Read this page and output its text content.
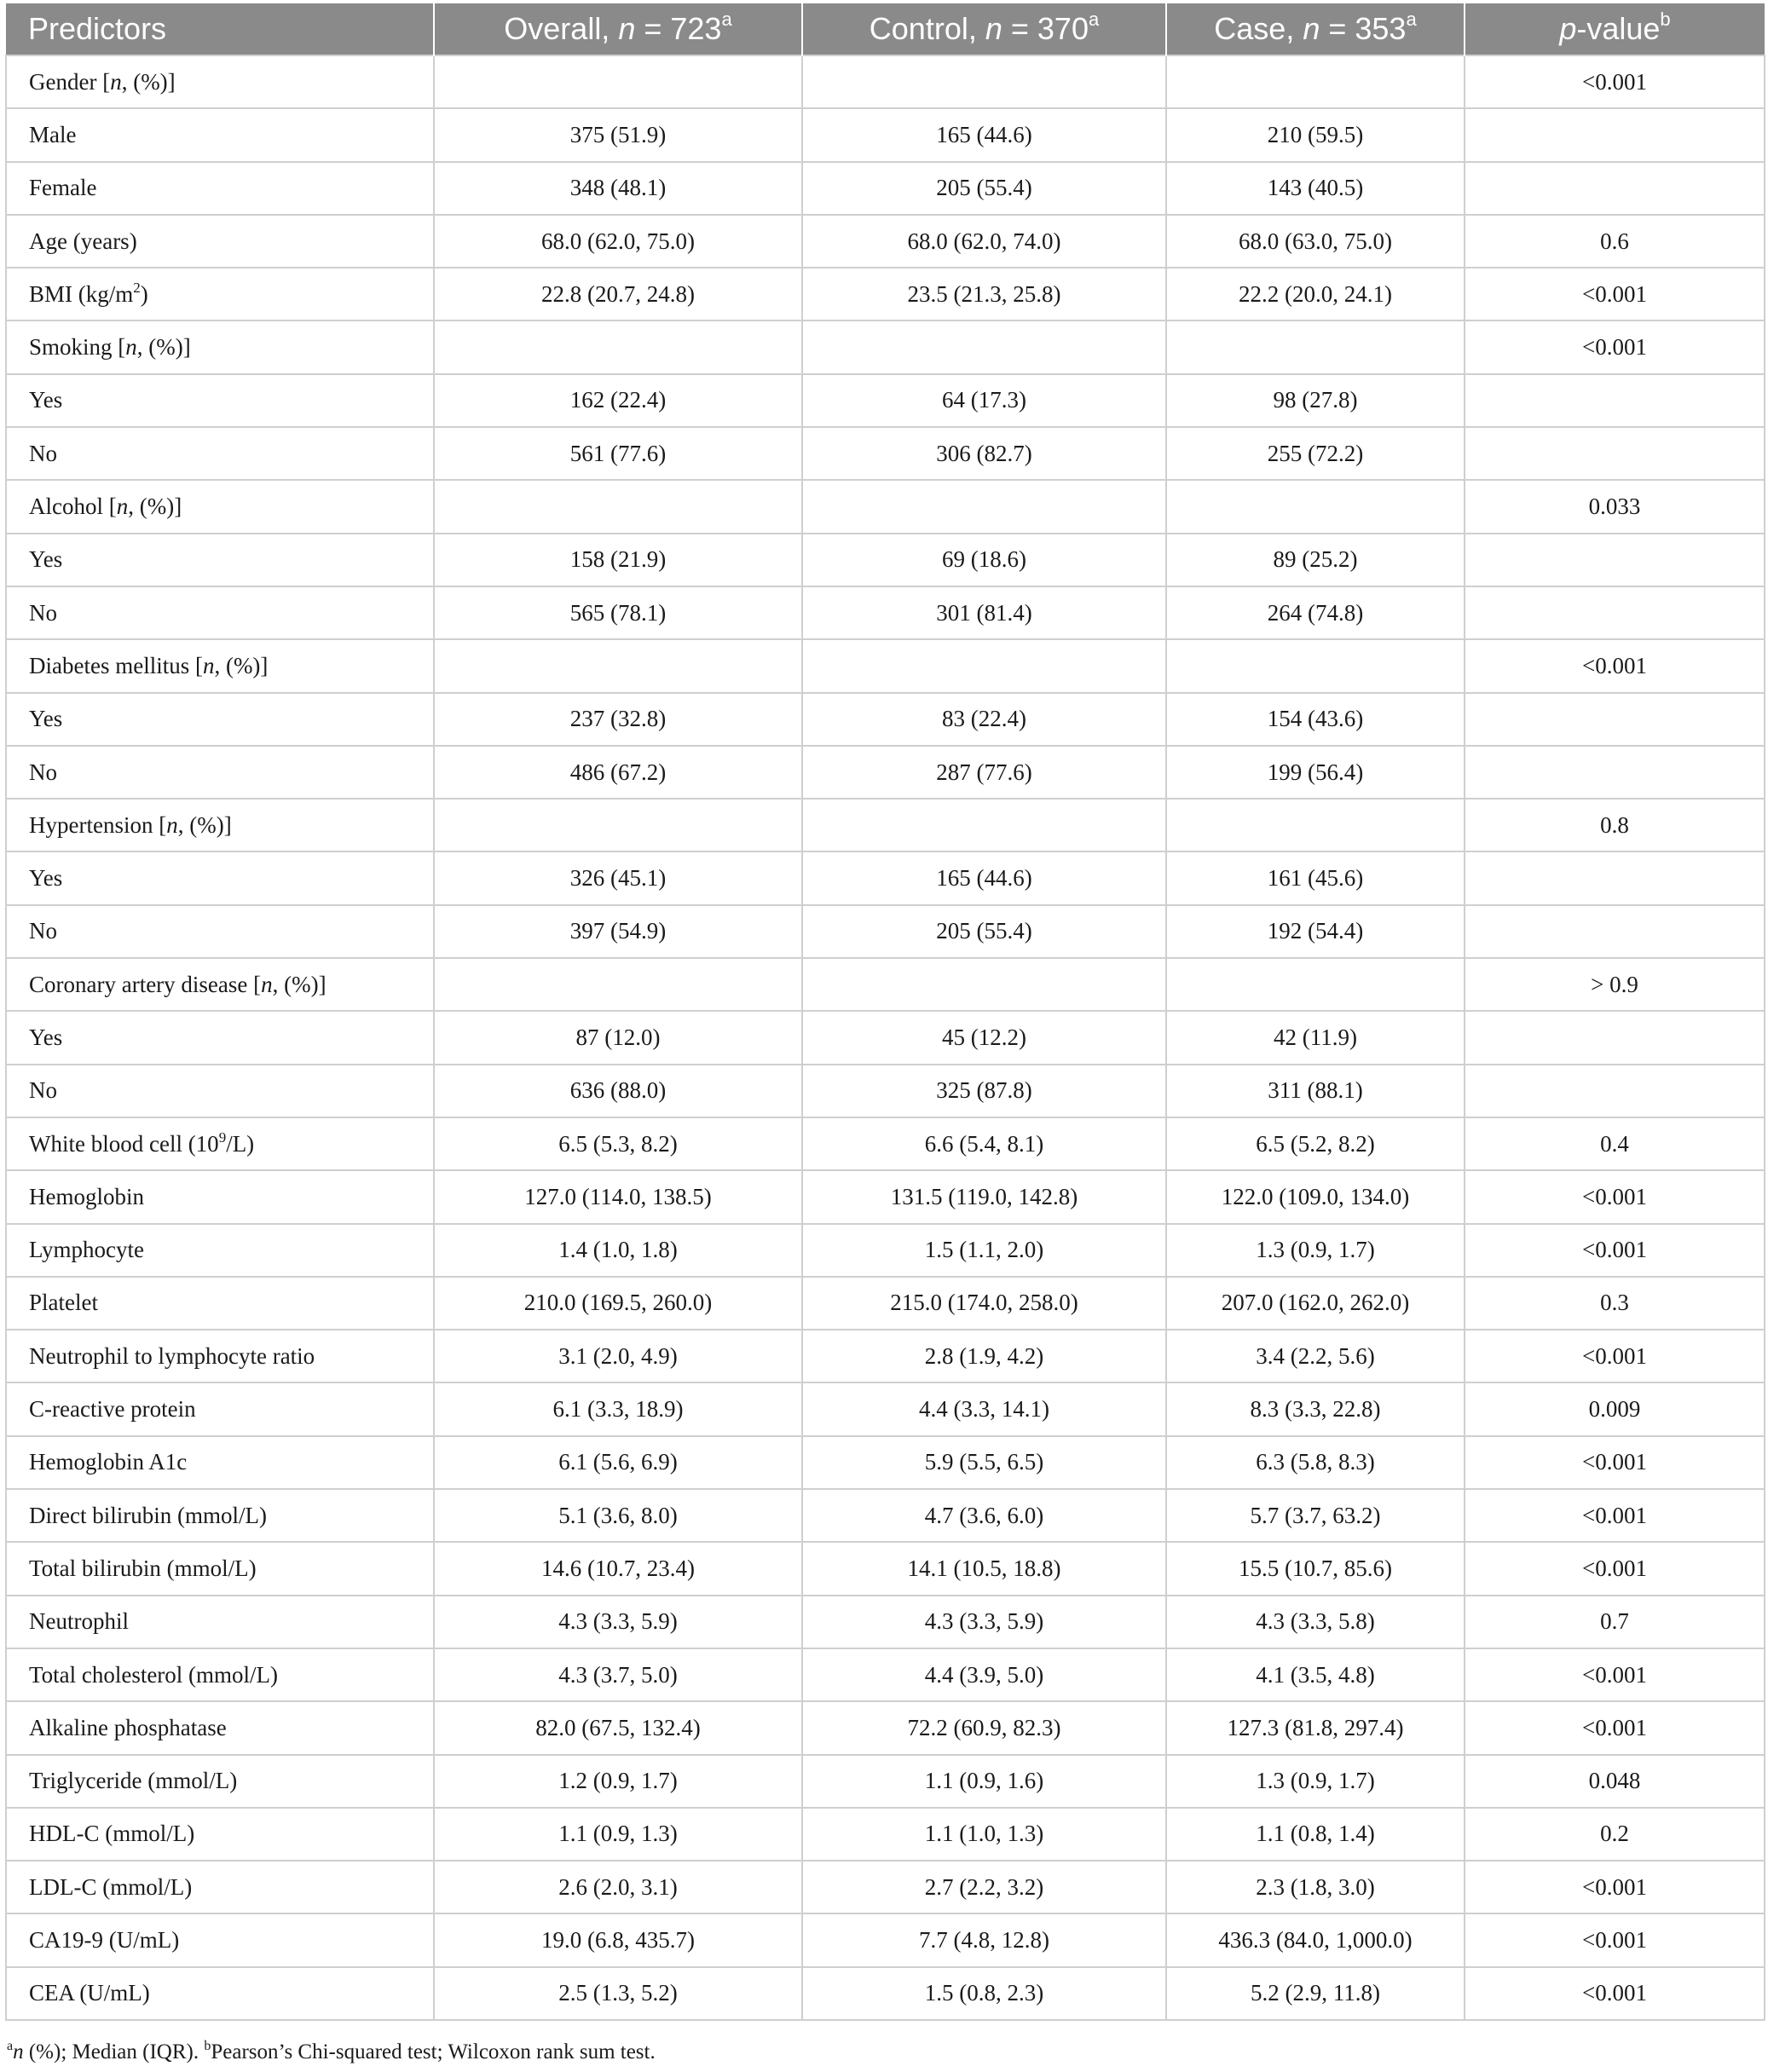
Predictors	Overall, $n = 723^a$	Control, $n = 370^a$	Case, $n = 353^a$	p-value$^b$
Gender [n, (%)]				<0.001
Male	375 (51.9)	165 (44.6)	210 (59.5)	
Female	348 (48.1)	205 (55.4)	143 (40.5)	
Age (years)	68.0 (62.0, 75.0)	68.0 (62.0, 74.0)	68.0 (63.0, 75.0)	0.6
BMI $(kg/m^2)$	22.8 (20.7, 24.8)	23.5 (21.3, 25.8)	22.2 (20.0, 24.1)	<0.001
Smoking [n, (%)]				<0.001
Yes	162 (22.4)	64 (17.3)	98 (27.8)	
No	561 (77.6)	306 (82.7)	255 (72.2)	
Alcohol [n, (%)]				0.033
Yes	158 (21.9)	69 (18.6)	89 (25.2)	
No	565 (78.1)	301 (81.4)	264 (74.8)	
Diabetes mellitus [n, (%)]				<0.001
Yes	237 (32.8)	83 (22.4)	154 (43.6)	
No	486 (67.2)	287 (77.6)	199 (56.4)	
Hypertension [n, (%)]				0.8
Yes	326 (45.1)	165 (44.6)	161 (45.6)	
No	397 (54.9)	205 (55.4)	192 (54.4)	
Coronary artery disease [n, (%)]				> 0.9
Yes	87 (12.0)	45 (12.2)	42 (11.9)	
No	636 (88.0)	325 (87.8)	311 (88.1)	
White blood cell $(10^9/L)$	6.5 (5.3, 8.2)	6.6 (5.4, 8.1)	6.5 (5.2, 8.2)	0.4
Hemoglobin	127.0 (114.0, 138.5)	131.5 (119.0, 142.8)	122.0 (109.0, 134.0)	<0.001
Lymphocyte	1.4 (1.0, 1.8)	1.5 (1.1, 2.0)	1.3 (0.9, 1.7)	<0.001
Platelet	210.0 (169.5, 260.0)	215.0 (174.0, 258.0)	207.0 (162.0, 262.0)	0.3
Neutrophil to lymphocyte ratio	3.1 (2.0, 4.9)	2.8 (1.9, 4.2)	3.4 (2.2, 5.6)	<0.001
C-reactive protein	6.1 (3.3, 18.9)	4.4 (3.3, 14.1)	8.3 (3.3, 22.8)	0.009
Hemoglobin A1c	6.1 (5.6, 6.9)	5.9 (5.5, 6.5)	6.3 (5.8, 8.3)	<0.001
Direct bilirubin (mmol/L)	5.1 (3.6, 8.0)	4.7 (3.6, 6.0)	5.7 (3.7, 63.2)	<0.001
Total bilirubin (mmol/L)	14.6 (10.7, 23.4)	14.1 (10.5, 18.8)	15.5 (10.7, 85.6)	<0.001
Neutrophil	4.3 (3.3, 5.9)	4.3 (3.3, 5.9)	4.3 (3.3, 5.8)	0.7
Total cholesterol (mmol/L)	4.3 (3.7, 5.0)	4.4 (3.9, 5.0)	4.1 (3.5, 4.8)	<0.001
Alkaline phosphatase	82.0 (67.5, 132.4)	72.2 (60.9, 82.3)	127.3 (81.8, 297.4)	<0.001
Triglyceride (mmol/L)	1.2 (0.9, 1.7)	1.1 (0.9, 1.6)	1.3 (0.9, 1.7)	0.048
HDL-C (mmol/L)	1.1 (0.9, 1.3)	1.1 (1.0, 1.3)	1.1 (0.8, 1.4)	0.2
LDL-C (mmol/L)	2.6 (2.0, 3.1)	2.7 (2.2, 3.2)	2.3 (1.8, 3.0)	<0.001
CA19-9 (U/mL)	19.0 (6.8, 435.7)	7.7 (4.8, 12.8)	436.3 (84.0, 1,000.0)	<0.001
CEA (U/mL)	2.5 (1.3, 5.2)	1.5 (0.8, 2.3)	5.2 (2.9, 11.8)	<0.001
$^a$n (%); Median (IQR). $^b$Pearson’s Chi-squared test; Wilcoxon rank sum test.
